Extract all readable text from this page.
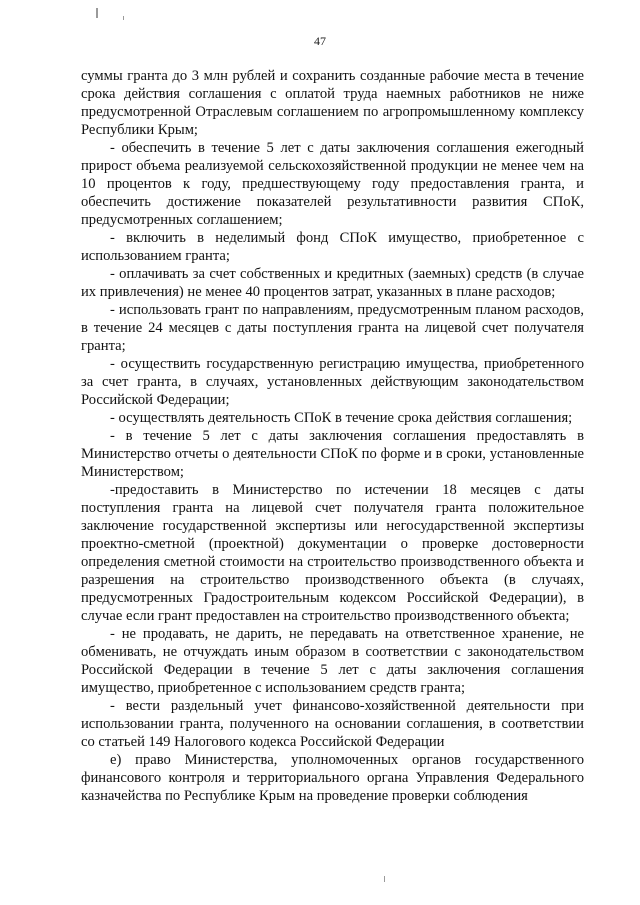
47

суммы гранта до 3 млн рублей и сохранить созданные рабочие места в течение срока действия соглашения с оплатой труда наемных работников не ниже предусмотренной Отраслевым соглашением по агропромышленному комплексу Республики Крым;

- обеспечить в течение 5 лет с даты заключения соглашения ежегодный прирост объема реализуемой сельскохозяйственной продукции не менее чем на 10 процентов к году, предшествующему году предоставления гранта, и обеспечить достижение показателей результативности развития СПоК, предусмотренных соглашением;

- включить в неделимый фонд СПоК имущество, приобретенное с использованием гранта;

- оплачивать за счет собственных и кредитных (заемных) средств (в случае их привлечения) не менее 40 процентов затрат, указанных в плане расходов;

- использовать грант по направлениям, предусмотренным планом расходов, в течение 24 месяцев с даты поступления гранта на лицевой счет получателя гранта;

- осуществить государственную регистрацию имущества, приобретенного за счет гранта, в случаях, установленных действующим законодательством Российской Федерации;

- осуществлять деятельность СПоК в течение срока действия соглашения;

- в течение 5 лет с даты заключения соглашения предоставлять в Министерство отчеты о деятельности СПоК по форме и в сроки, установленные Министерством;

-предоставить в Министерство по истечении 18 месяцев с даты поступления гранта на лицевой счет получателя гранта положительное заключение государственной экспертизы или негосударственной экспертизы проектно-сметной (проектной) документации о проверке достоверности определения сметной стоимости на строительство производственного объекта и разрешения на строительство производственного объекта (в случаях, предусмотренных Градостроительным кодексом Российской Федерации), в случае если грант предоставлен на строительство производственного объекта;

- не продавать, не дарить, не передавать на ответственное хранение, не обменивать, не отчуждать иным образом в соответствии с законодательством Российской Федерации в течение 5 лет с даты заключения соглашения имущество, приобретенное с использованием средств гранта;

- вести раздельный учет финансово-хозяйственной деятельности при использовании гранта, полученного на основании соглашения, в соответствии со статьей 149 Налогового кодекса Российской Федерации

е) право Министерства, уполномоченных органов государственного финансового контроля и территориального органа Управления Федерального казначейства по Республике Крым на проведение проверки соблюдения
